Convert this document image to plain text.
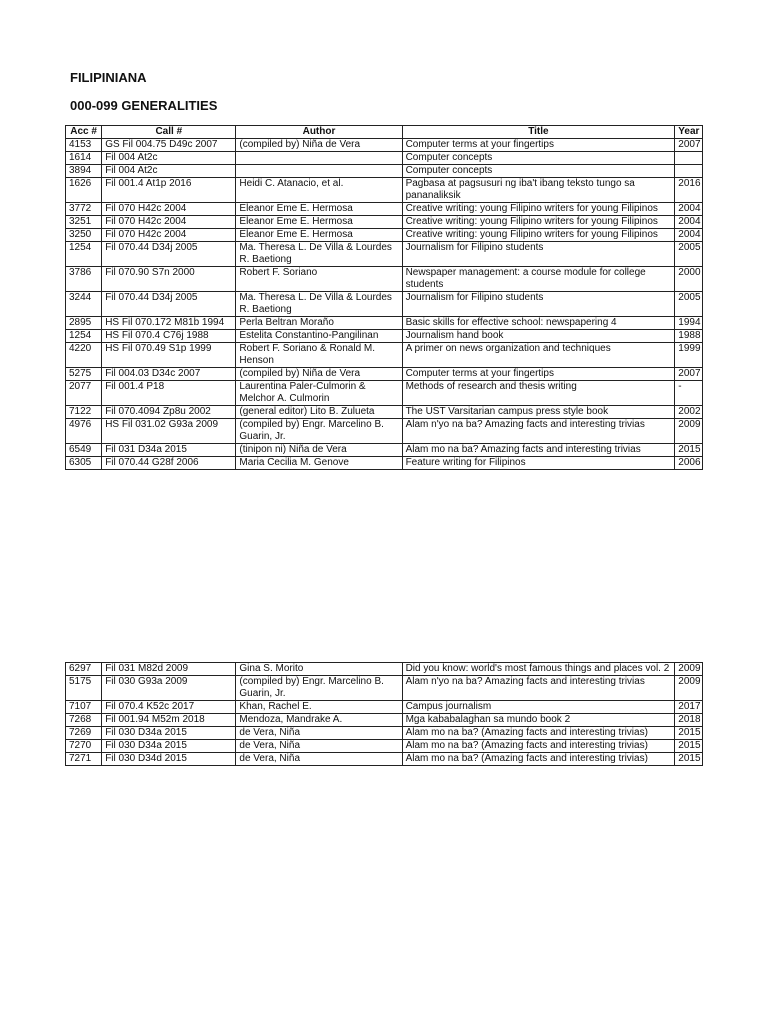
FILIPINIANA
000-099 GENERALITIES
Acc #	Call #	Author	Title	Year
4153	GS Fil 004.75 D49c 2007	(compiled by) Niña de Vera	Computer terms at your fingertips	2007
1614	Fil 004 At2c		Computer concepts	
3894	Fil 004 At2c		Computer concepts	
1626	Fil 001.4 At1p 2016	Heidi C. Atanacio, et al.	Pagbasa at pagsusuri ng iba't ibang teksto tungo sa pananaliksik	2016
3772	Fil 070 H42c 2004	Eleanor Eme E. Hermosa	Creative writing: young Filipino writers for young Filipinos	2004
3251	Fil 070 H42c 2004	Eleanor Eme E. Hermosa	Creative writing: young Filipino writers for young Filipinos	2004
3250	Fil 070 H42c 2004	Eleanor Eme E. Hermosa	Creative writing: young Filipino writers for young Filipinos	2004
1254	Fil 070.44 D34j 2005	Ma. Theresa L. De Villa & Lourdes R. Baetiong	Journalism for Filipino students	2005
3786	Fil 070.90 S7n 2000	Robert F. Soriano	Newspaper management: a course module for college students	2000
3244	Fil 070.44 D34j 2005	Ma. Theresa L. De Villa & Lourdes R. Baetiong	Journalism for Filipino students	2005
2895	HS Fil 070.172 M81b 1994	Perla Beltran Moraño	Basic skills for effective school: newspapering 4	1994
1254	HS Fil 070.4 C76j 1988	Estelita Constantino-Pangilinan	Journalism hand book	1988
4220	HS Fil 070.49 S1p 1999	Robert F. Soriano & Ronald M. Henson	A primer on news organization and techniques	1999
5275	Fil 004.03 D34c 2007	(compiled by) Niña de Vera	Computer terms at your fingertips	2007
2077	Fil 001.4 P18	Laurentina Paler-Culmorin & Melchor A. Culmorin	Methods of research and thesis writing	-
7122	Fil 070.4094 Zp8u 2002	(general editor) Lito B. Zulueta	The UST Varsitarian campus press style book	2002
4976	HS Fil 031.02 G93a 2009	(compiled by) Engr. Marcelino B. Guarin, Jr.	Alam n'yo na ba? Amazing facts and interesting trivias	2009
6549	Fil 031 D34a 2015	(tinipon ni) Niña de Vera	Alam mo na ba? Amazing facts and interesting trivias	2015
6305	Fil 070.44 G28f 2006	Maria Cecilia M. Genove	Feature writing for Filipinos	2006
6297	Fil 031 M82d 2009	Gina S. Morito	Did you know: world's most famous things and places vol. 2	2009
5175	Fil 030 G93a 2009	(compiled by) Engr. Marcelino B. Guarin, Jr.	Alam n'yo na ba? Amazing facts and interesting trivias	2009
7107	Fil 070.4 K52c 2017	Khan, Rachel E.	Campus journalism	2017
7268	Fil 001.94 M52m 2018	Mendoza, Mandrake A.	Mga kababalaghan sa mundo book 2	2018
7269	Fil 030 D34a 2015	de Vera, Niña	Alam mo na ba? (Amazing facts and interesting trivias)	2015
7270	Fil 030 D34a 2015	de Vera, Niña	Alam mo na ba? (Amazing facts and interesting trivias)	2015
7271	Fil 030 D34d 2015	de Vera, Niña	Alam mo na ba? (Amazing facts and interesting trivias)	2015
